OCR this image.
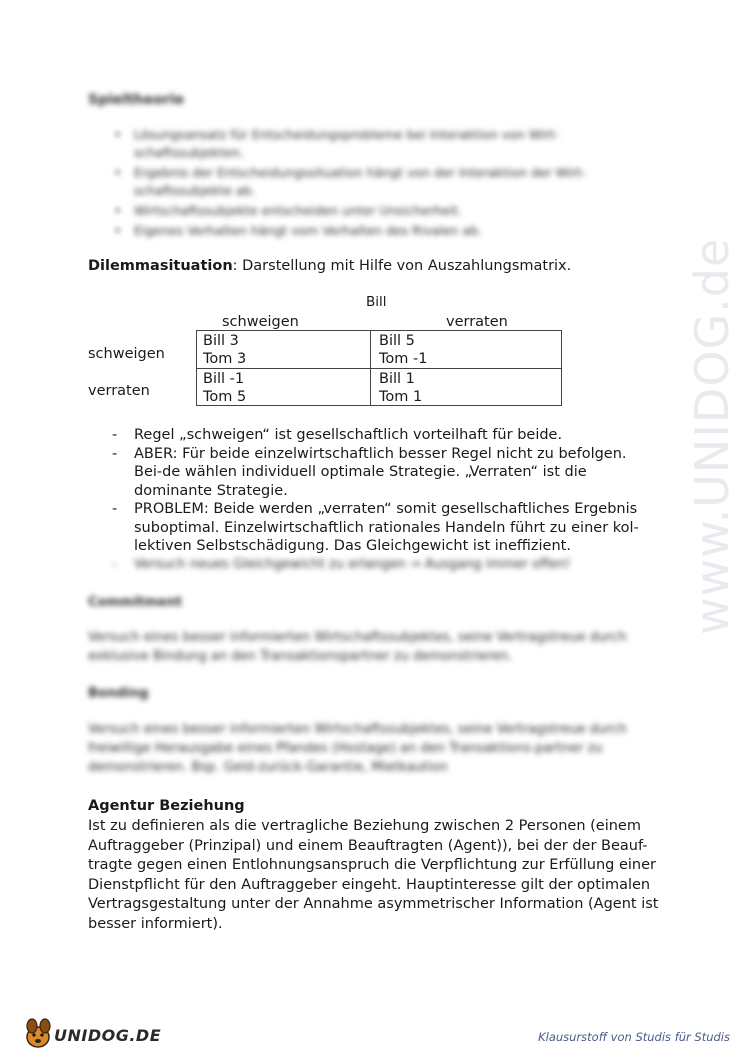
Spieltheorie
• Lösungsansatz für Entscheidungsprobleme bei Interaktion von Wirt-schaftssubjekten.
• Ergebnis der Entscheidungssituation hängt von der Interaktion der Wirt-schaftssubjekte ab.
• Wirtschaftssubjekte entscheiden unter Unsicherheit.
• Eigenes Verhalten hängt vom Verhalten des Rivalen ab.
Dilemmasituation: Darstellung mit Hilfe von Auszahlungsmatrix.
Bill
schweigen	verraten
schweigen
verraten
Bill 3
Tom 3
Bill 5
Tom -1
Bill -1
Tom 5
Bill 1
Tom 1
- Regel „schweigen“ ist gesellschaftlich vorteilhaft für beide.
- ABER: Für beide einzelwirtschaftlich besser Regel nicht zu befolgen. Bei-de wählen individuell optimale Strategie. „Verraten“ ist die dominante Strategie.
- PROBLEM: Beide werden „verraten“ somit gesellschaftliches Ergebnis suboptimal. Einzelwirtschaftlich rationales Handeln führt zu einer kol-lektiven Selbstschädigung. Das Gleichgewicht ist ineffizient.
- Versuch neues Gleichgewicht zu erlangen ⇒ Ausgang immer offen!
Commitment
Versuch eines besser informierten Wirtschaftssubjektes, seine Vertragstreue durch exklusive Bindung an den Transaktionspartner zu demonstrieren.
Bonding
Versuch eines besser informierten Wirtschaftssubjektes, seine Vertragstreue durch freiwillige Herausgabe eines Pfandes (Hostage) an den Transaktions-partner zu demonstrieren. Bsp. Geld-zurück-Garantie, Mietkaution
Agentur Beziehung
Ist zu definieren als die vertragliche Beziehung zwischen 2 Personen (einem
Auftraggeber (Prinzipal) und einem Beauftragten (Agent)), bei der der Beauf-
tragte gegen einen Entlohnungsanspruch die Verpflichtung zur Erfüllung einer
Dienstpflicht für den Auftraggeber eingeht. Hauptinteresse gilt der optimalen
Vertragsgestaltung unter der Annahme asymmetrischer Information (Agent ist
besser informiert).
www.UNIDOG.de
UNIDOG.DE	Klausurstoff von Studis für Studis
